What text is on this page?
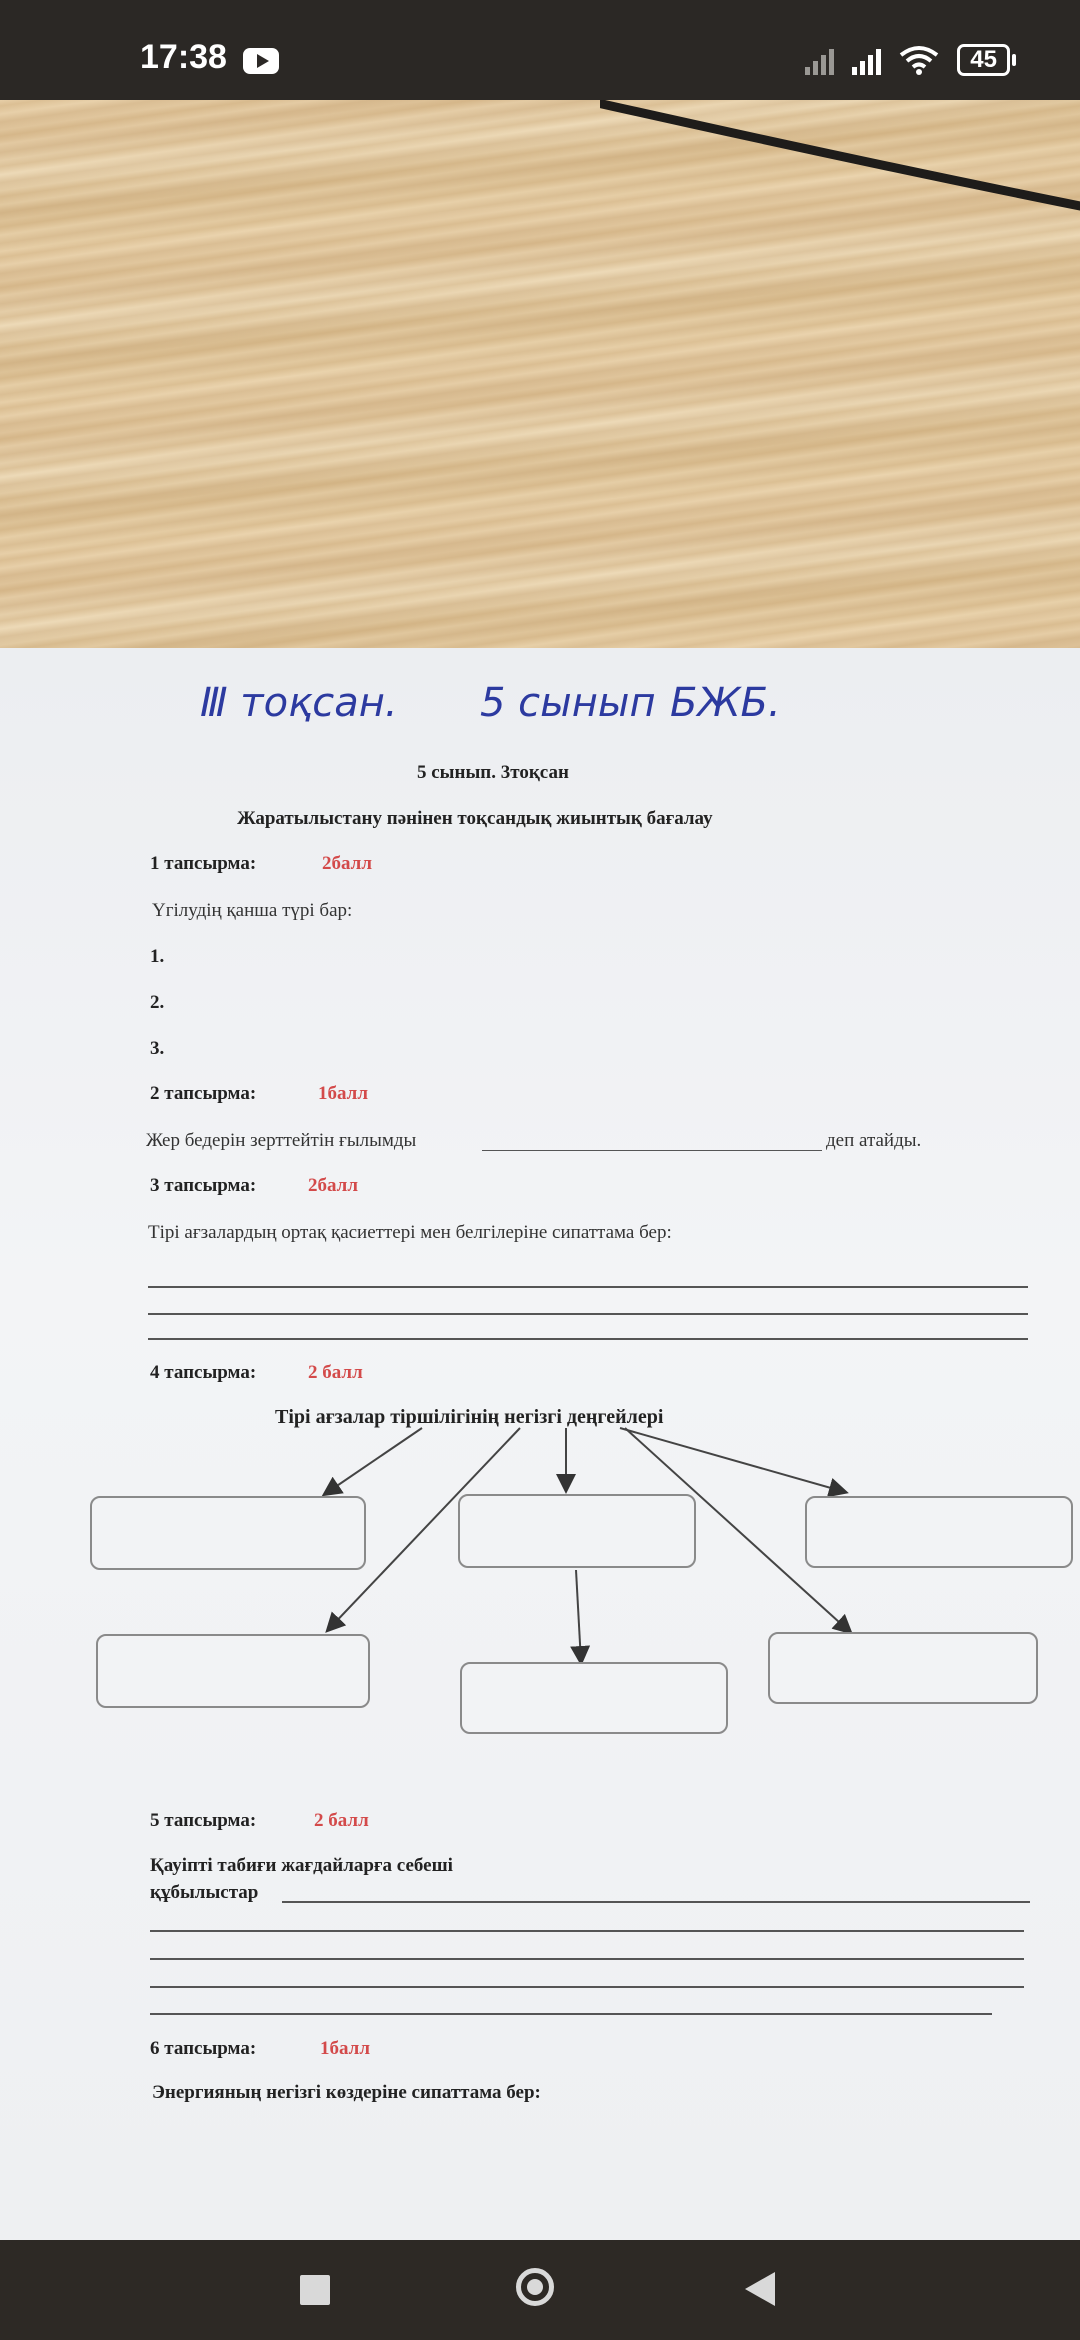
17:38	45
Ⅲ тоқсан. 5 сынып БЖБ.
5 сынып. 3тоқсан
Жаратылыстану пәнінен тоқсандық жиынтық бағалау
1 тапсырма:	2балл
Үгілудің қанша түрі бар:
1.
2.
3.
2 тапсырма:	1балл
Жер бедерін зерттейтін ғылымды	деп атайды.
3 тапсырма:	2балл
Тірі ағзалардың ортақ қасиеттері мен белгілеріне сипаттама бер:
4 тапсырма:	2 балл
Тірі ағзалар тіршілігінің негізгі деңгейлері
5 тапсырма:	2 балл
Қауіпті табиғи жағдайларға себеші
құбылыстар
6 тапсырма:	1балл
Энергияның негізгі көздеріне сипаттама бер:
